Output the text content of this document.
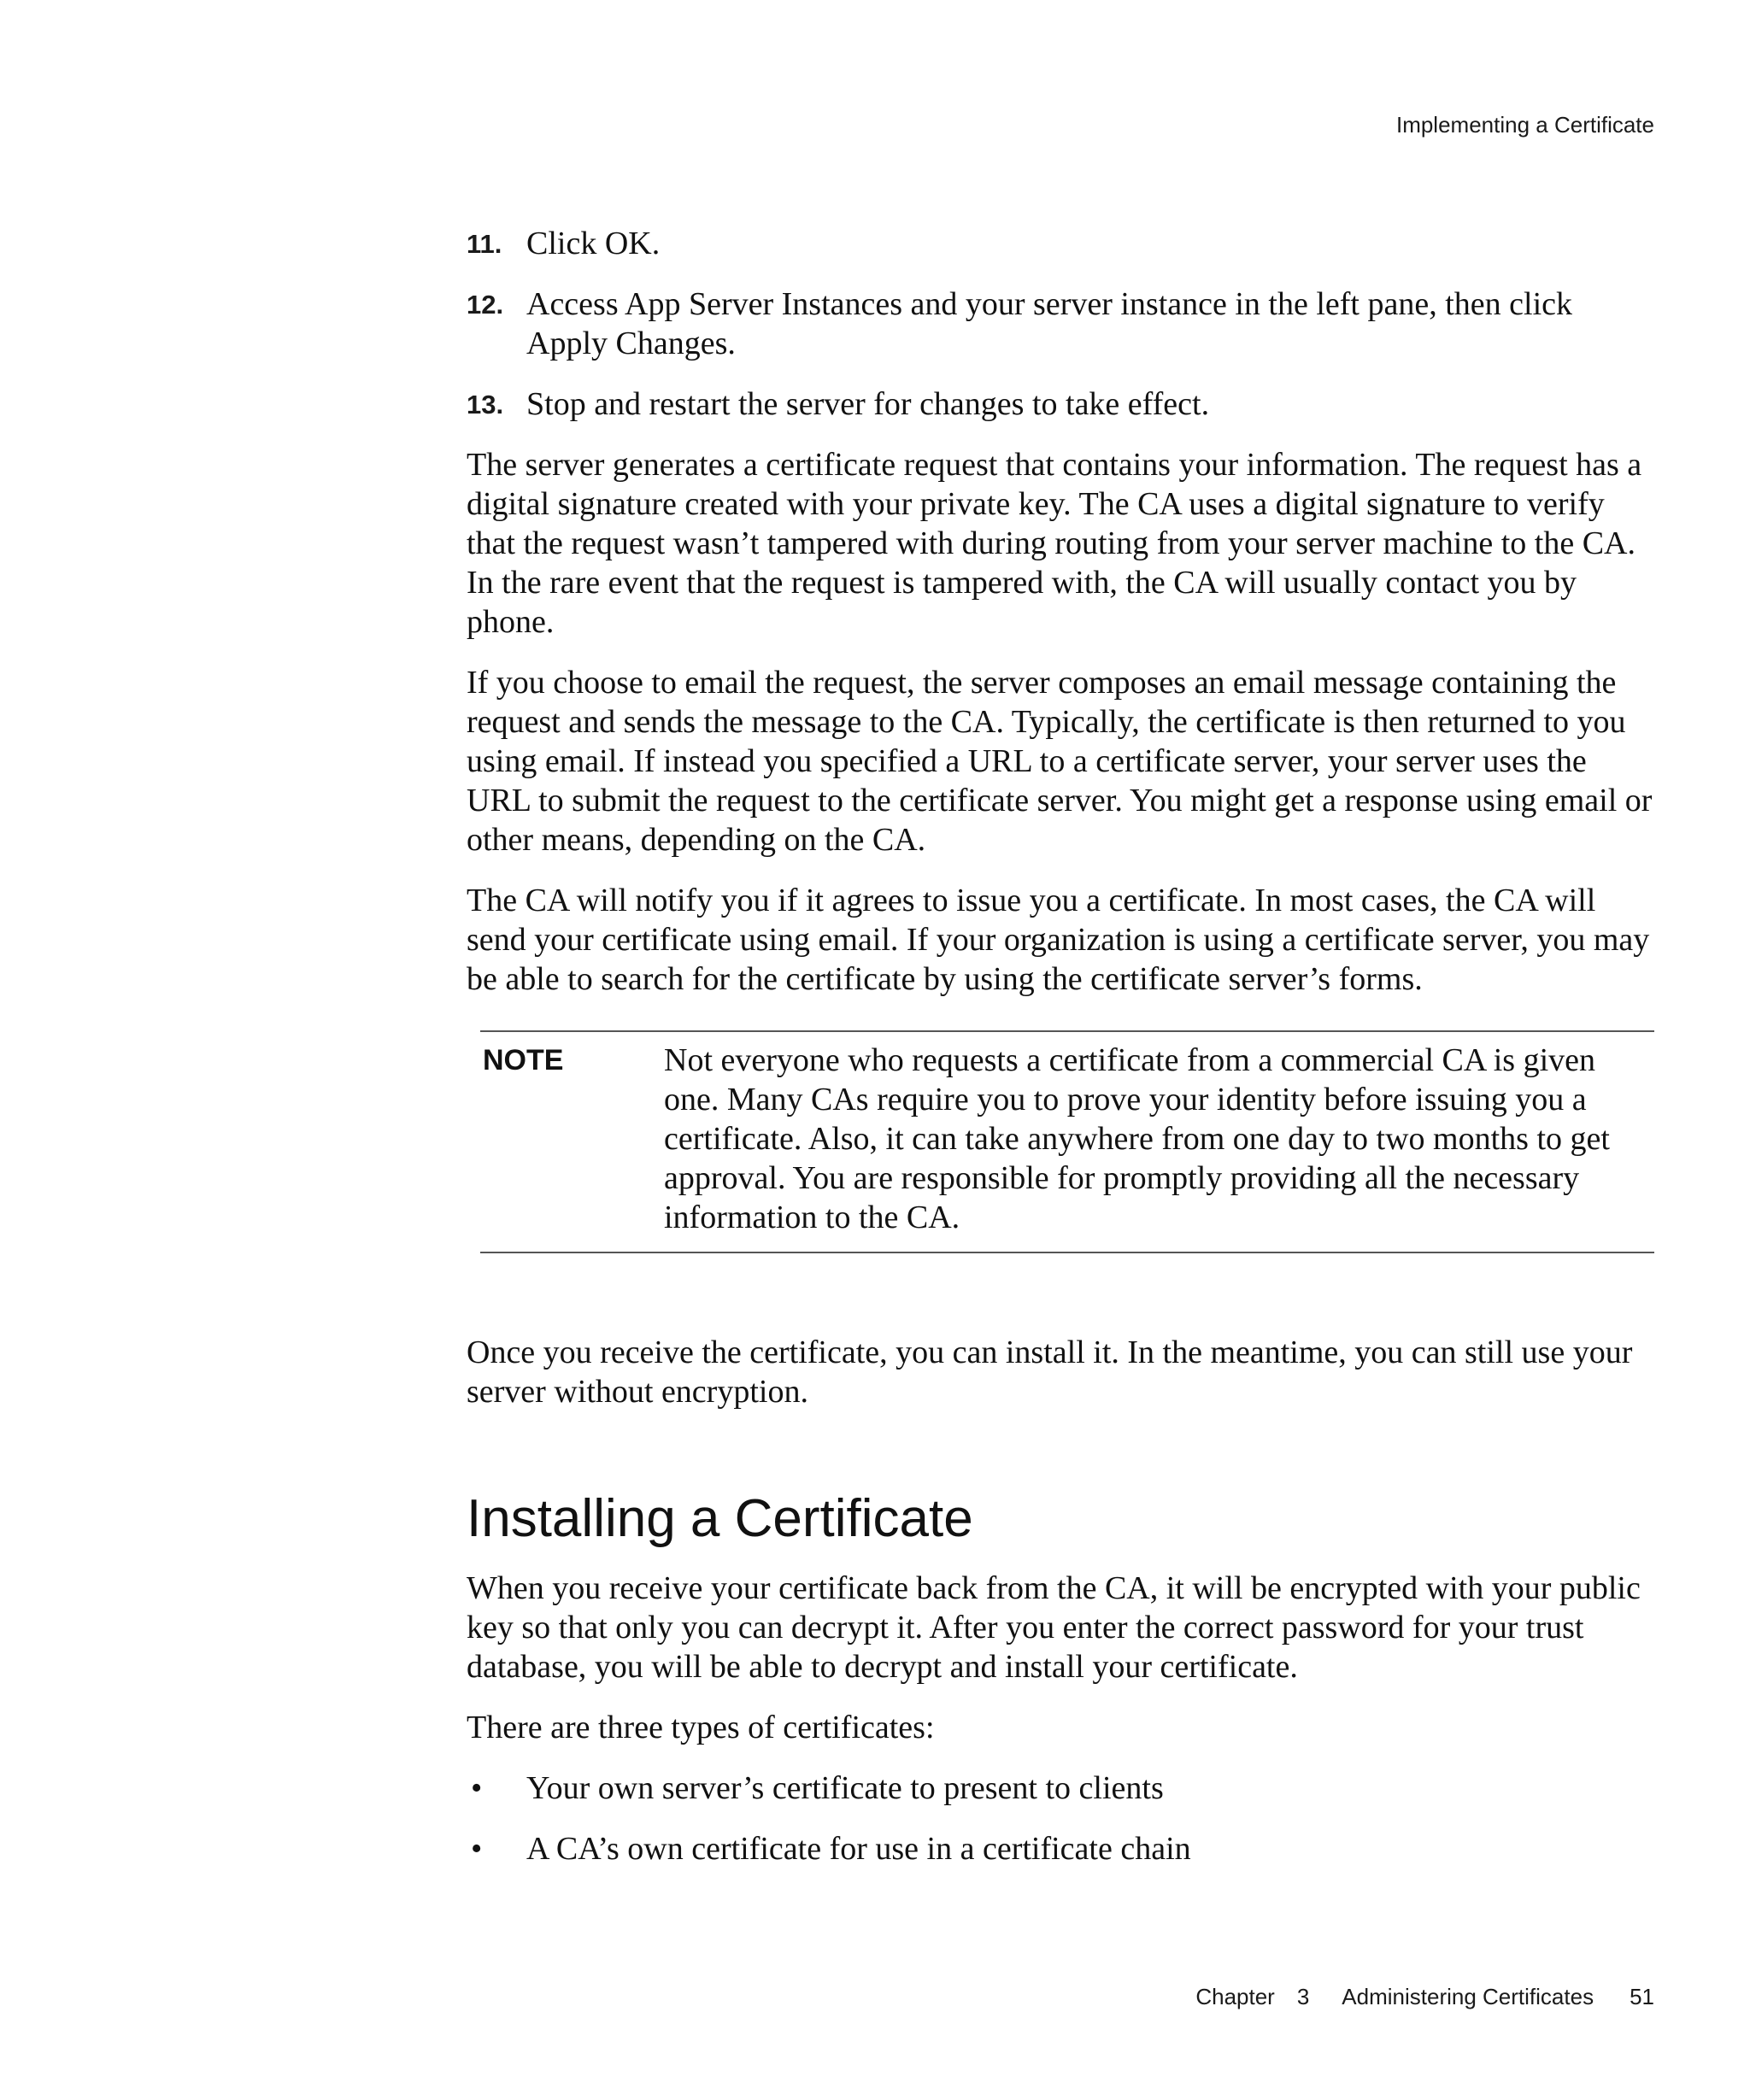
Implementing a Certificate
11. Click OK.
12. Access App Server Instances and your server instance in the left pane, then click Apply Changes.
13. Stop and restart the server for changes to take effect.

The server generates a certificate request that contains your information. The request has a digital signature created with your private key. The CA uses a digital signature to verify that the request wasn’t tampered with during routing from your server machine to the CA. In the rare event that the request is tampered with, the CA will usually contact you by phone.

If you choose to email the request, the server composes an email message containing the request and sends the message to the CA. Typically, the certificate is then returned to you using email. If instead you specified a URL to a certificate server, your server uses the URL to submit the request to the certificate server. You might get a response using email or other means, depending on the CA.

The CA will notify you if it agrees to issue you a certificate. In most cases, the CA will send your certificate using email. If your organization is using a certificate server, you may be able to search for the certificate by using the certificate server’s forms.

NOTE	Not everyone who requests a certificate from a commercial CA is given one. Many CAs require you to prove your identity before issuing you a certificate. Also, it can take anywhere from one day to two months to get approval. You are responsible for promptly providing all the necessary information to the CA.

Once you receive the certificate, you can install it. In the meantime, you can still use your server without encryption.

Installing a Certificate

When you receive your certificate back from the CA, it will be encrypted with your public key so that only you can decrypt it. After you enter the correct password for your trust database, you will be able to decrypt and install your certificate.

There are three types of certificates:

• Your own server’s certificate to present to clients
• A CA’s own certificate for use in a certificate chain
Chapter 3 Administering Certificates 51
